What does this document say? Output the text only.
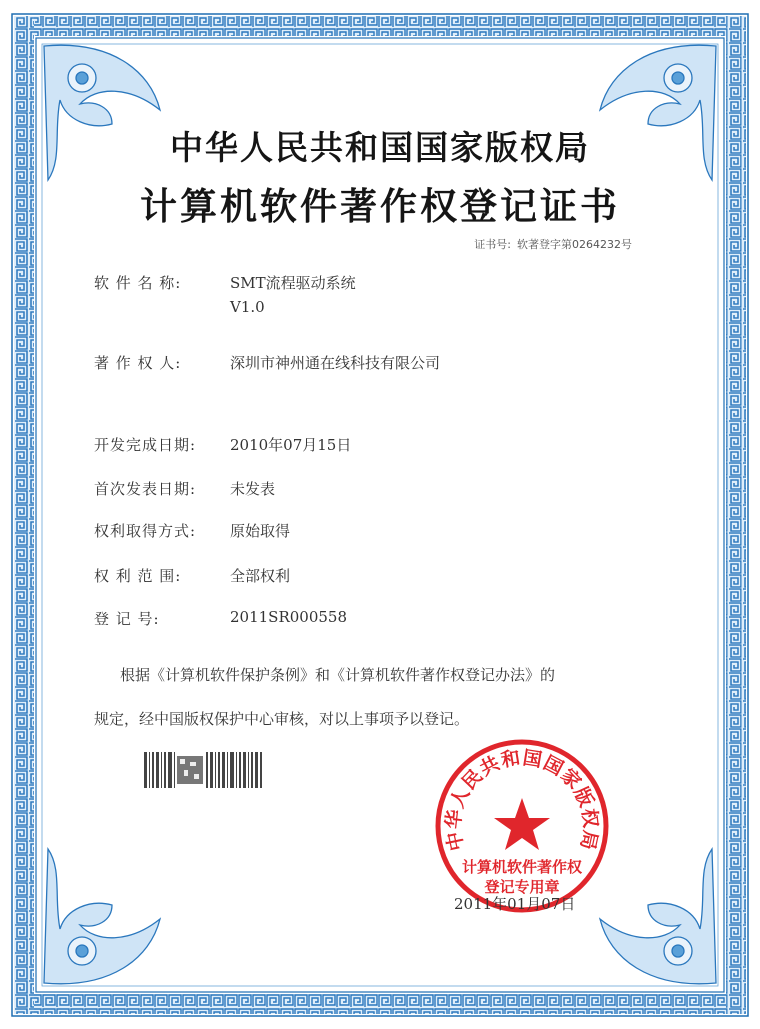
中华人民共和国国家版权局
计算机软件著作权登记证书
证书号: 软著登字第0264232号
软 件 名 称:	SMT流程驱动系统
V1.0
著 作 权 人:	深圳市神州通在线科技有限公司
开发完成日期: 2010年07月15日
首次发表日期: 未发表
权利取得方式: 原始取得
权 利 范 围:	全部权利
登 记 号:	2011SR000558
根据《计算机软件保护条例》和《计算机软件著作权登记办法》的
规定，经中国版权保护中心审核，对以上事项予以登记。
中华人民共和国国家版权局
计算机软件著作权
登记专用章
2011年01月07日
